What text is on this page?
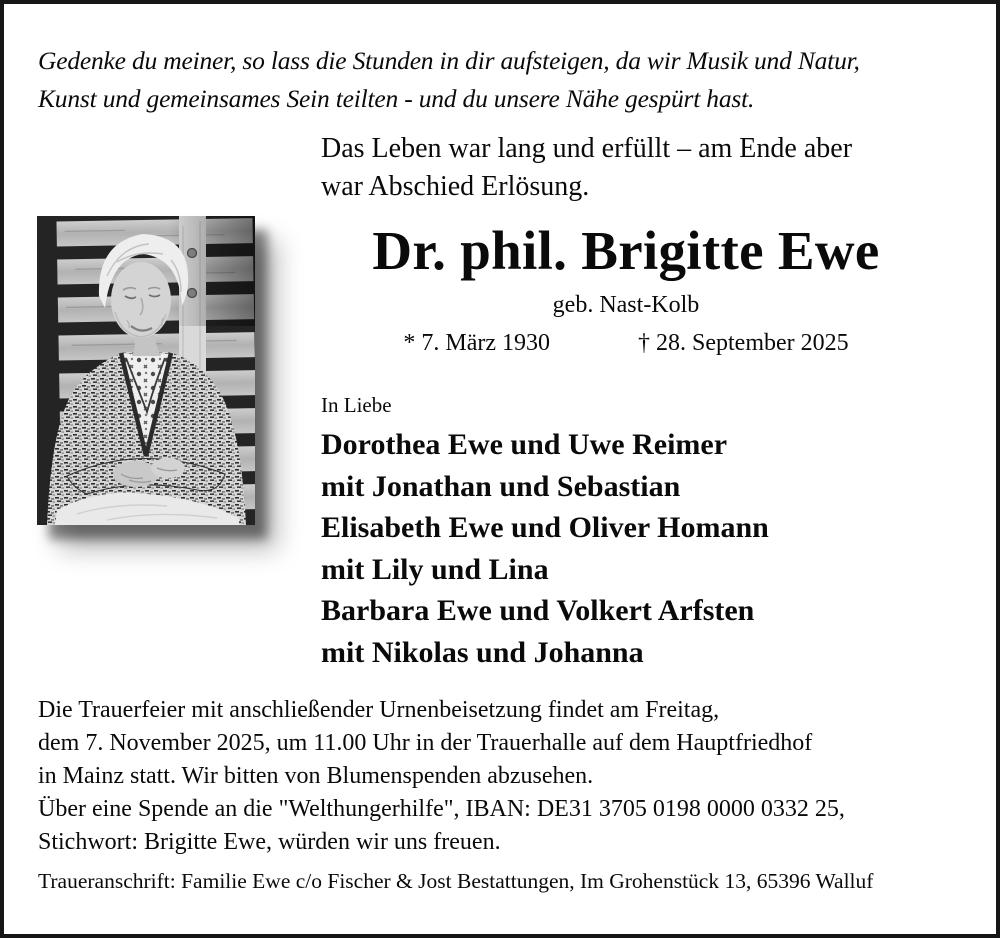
Gedenke du meiner, so lass die Stunden in dir aufsteigen, da wir Musik und Natur,
Kunst und gemeinsames Sein teilten - und du unsere Nähe gespürt hast.
Das Leben war lang und erfüllt – am Ende aber
war Abschied Erlösung.
Dr. phil. Brigitte Ewe
geb. Nast-Kolb
* 7. März 1930	† 28. September 2025
In Liebe
Dorothea Ewe und Uwe Reimer
mit Jonathan und Sebastian
Elisabeth Ewe und Oliver Homann
mit Lily und Lina
Barbara Ewe und Volkert Arfsten
mit Nikolas und Johanna
Die Trauerfeier mit anschließender Urnenbeisetzung findet am Freitag,
dem 7. November 2025, um 11.00 Uhr in der Trauerhalle auf dem Hauptfriedhof
in Mainz statt. Wir bitten von Blumenspenden abzusehen.
Über eine Spende an die "Welthungerhilfe", IBAN: DE31 3705 0198 0000 0332 25,
Stichwort: Brigitte Ewe, würden wir uns freuen.
Traueranschrift: Familie Ewe c/o Fischer & Jost Bestattungen, Im Grohenstück 13, 65396 Walluf
